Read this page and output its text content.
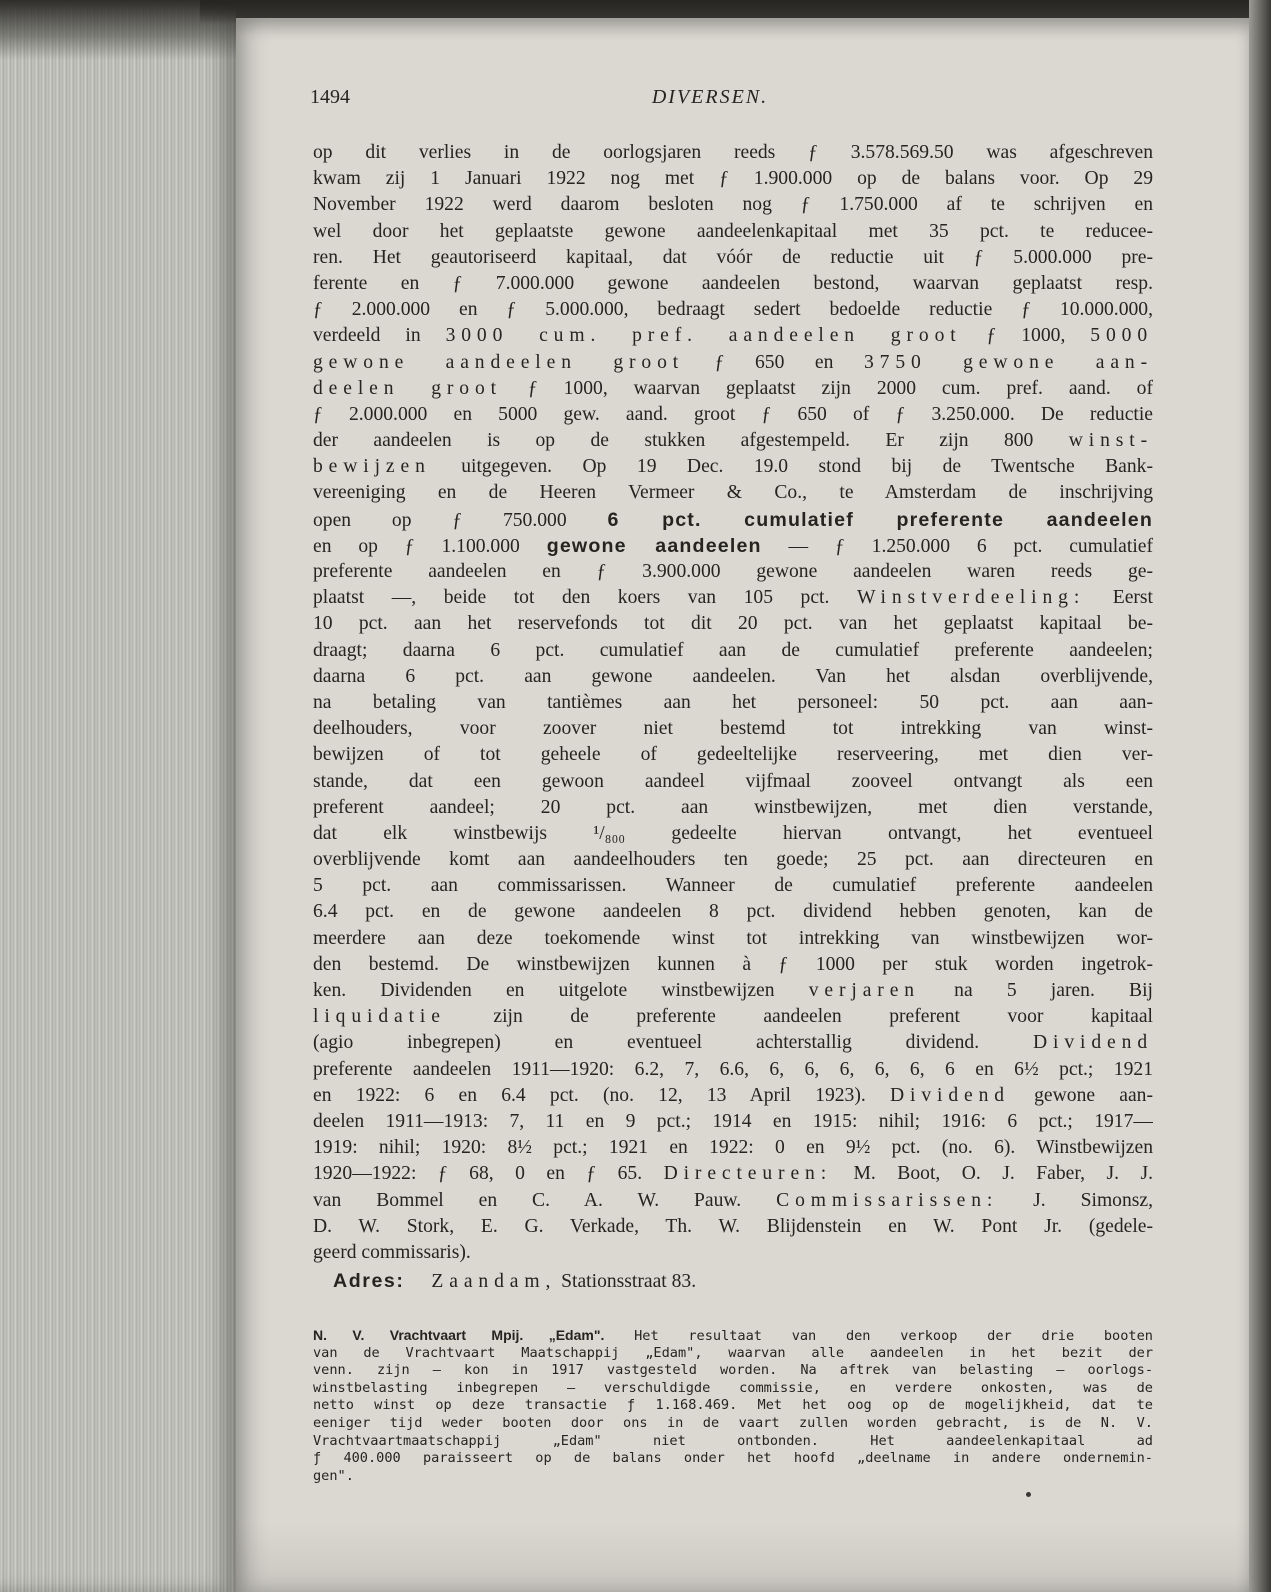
1494	DIVERSEN.
op dit verlies in de oorlogsjaren reeds ƒ 3.578.569.50 was afgeschreven
kwam zij 1 Januari 1922 nog met ƒ 1.900.000 op de balans voor. Op 29
November 1922 werd daarom besloten nog ƒ 1.750.000 af te schrijven en
wel door het geplaatste gewone aandeelenkapitaal met 35 pct. te reducee-
ren. Het geautoriseerd kapitaal, dat vóór de reductie uit ƒ 5.000.000 pre-
ferente en ƒ 7.000.000 gewone aandeelen bestond, waarvan geplaatst resp.
ƒ 2.000.000 en ƒ 5.000.000, bedraagt sedert bedoelde reductie ƒ 10.000.000,
verdeeld in 3000 cum. pref. aandeelen groot ƒ 1000, 5000
gewone aandeelen groot ƒ 650 en 3750 gewone aan-
deelen groot ƒ 1000, waarvan geplaatst zijn 2000 cum. pref. aand. of
ƒ 2.000.000 en 5000 gew. aand. groot ƒ 650 of ƒ 3.250.000. De reductie
der aandeelen is op de stukken afgestempeld. Er zijn 800 winst-
bewijzen uitgegeven. Op 19 Dec. 19.0 stond bij de Twentsche Bank-
vereeniging en de Heeren Vermeer & Co., te Amsterdam de inschrijving
open op ƒ 750.000 6 pct. cumulatief preferente aandeelen
en op ƒ 1.100.000 gewone aandeelen — ƒ 1.250.000 6 pct. cumulatief
preferente aandeelen en ƒ 3.900.000 gewone aandeelen waren reeds ge-
plaatst —, beide tot den koers van 105 pct. Winstverdeeling: Eerst
10 pct. aan het reservefonds tot dit 20 pct. van het geplaatst kapitaal be-
draagt; daarna 6 pct. cumulatief aan de cumulatief preferente aandeelen;
daarna 6 pct. aan gewone aandeelen. Van het alsdan overblijvende,
na betaling van tantièmes aan het personeel: 50 pct. aan aan-
deelhouders, voor zoover niet bestemd tot intrekking van winst-
bewijzen of tot geheele of gedeeltelijke reserveering, met dien ver-
stande, dat een gewoon aandeel vijfmaal zooveel ontvangt als een
preferent aandeel; 20 pct. aan winstbewijzen, met dien verstande,
dat elk winstbewijs ¹/₈₀₀ gedeelte hiervan ontvangt, het eventueel
overblijvende komt aan aandeelhouders ten goede; 25 pct. aan directeuren en
5 pct. aan commissarissen. Wanneer de cumulatief preferente aandeelen
6.4 pct. en de gewone aandeelen 8 pct. dividend hebben genoten, kan de
meerdere aan deze toekomende winst tot intrekking van winstbewijzen wor-
den bestemd. De winstbewijzen kunnen à ƒ 1000 per stuk worden ingetrok-
ken. Dividenden en uitgelote winstbewijzen verjaren na 5 jaren. Bij
liquidatie zijn de preferente aandeelen preferent voor kapitaal
(agio inbegrepen) en eventueel achterstallig dividend. Dividend
preferente aandeelen 1911—1920: 6.2, 7, 6.6, 6, 6, 6, 6, 6, 6 en 6½ pct.; 1921
en 1922: 6 en 6.4 pct. (no. 12, 13 April 1923). Dividend gewone aan-
deelen 1911—1913: 7, 11 en 9 pct.; 1914 en 1915: nihil; 1916: 6 pct.; 1917—
1919: nihil; 1920: 8½ pct.; 1921 en 1922: 0 en 9½ pct. (no. 6). Winstbewijzen
1920—1922: ƒ 68, 0 en ƒ 65. Directeuren: M. Boot, O. J. Faber, J. J.
van Bommel en C. A. W. Pauw. Commissarissen: J. Simonsz,
D. W. Stork, E. G. Verkade, Th. W. Blijdenstein en W. Pont Jr. (gedele-
geerd commissaris).
Adres: Zaandam, Stationsstraat 83.
N. V. Vrachtvaart Mpij. „Edam". Het resultaat van den verkoop der drie booten
van de Vrachtvaart Maatschappij „Edam", waarvan alle aandeelen in het bezit der
venn. zijn — kon in 1917 vastgesteld worden. Na aftrek van belasting — oorlogs-
winstbelasting inbegrepen — verschuldigde commissie, en verdere onkosten, was de
netto winst op deze transactie ƒ 1.168.469. Met het oog op de mogelijkheid, dat te
eeniger tijd weder booten door ons in de vaart zullen worden gebracht, is de N. V.
Vrachtvaartmaatschappij „Edam" niet ontbonden. Het aandeelenkapitaal ad
ƒ 400.000 paraisseert op de balans onder het hoofd „deelname in andere ondernemin-
gen".
